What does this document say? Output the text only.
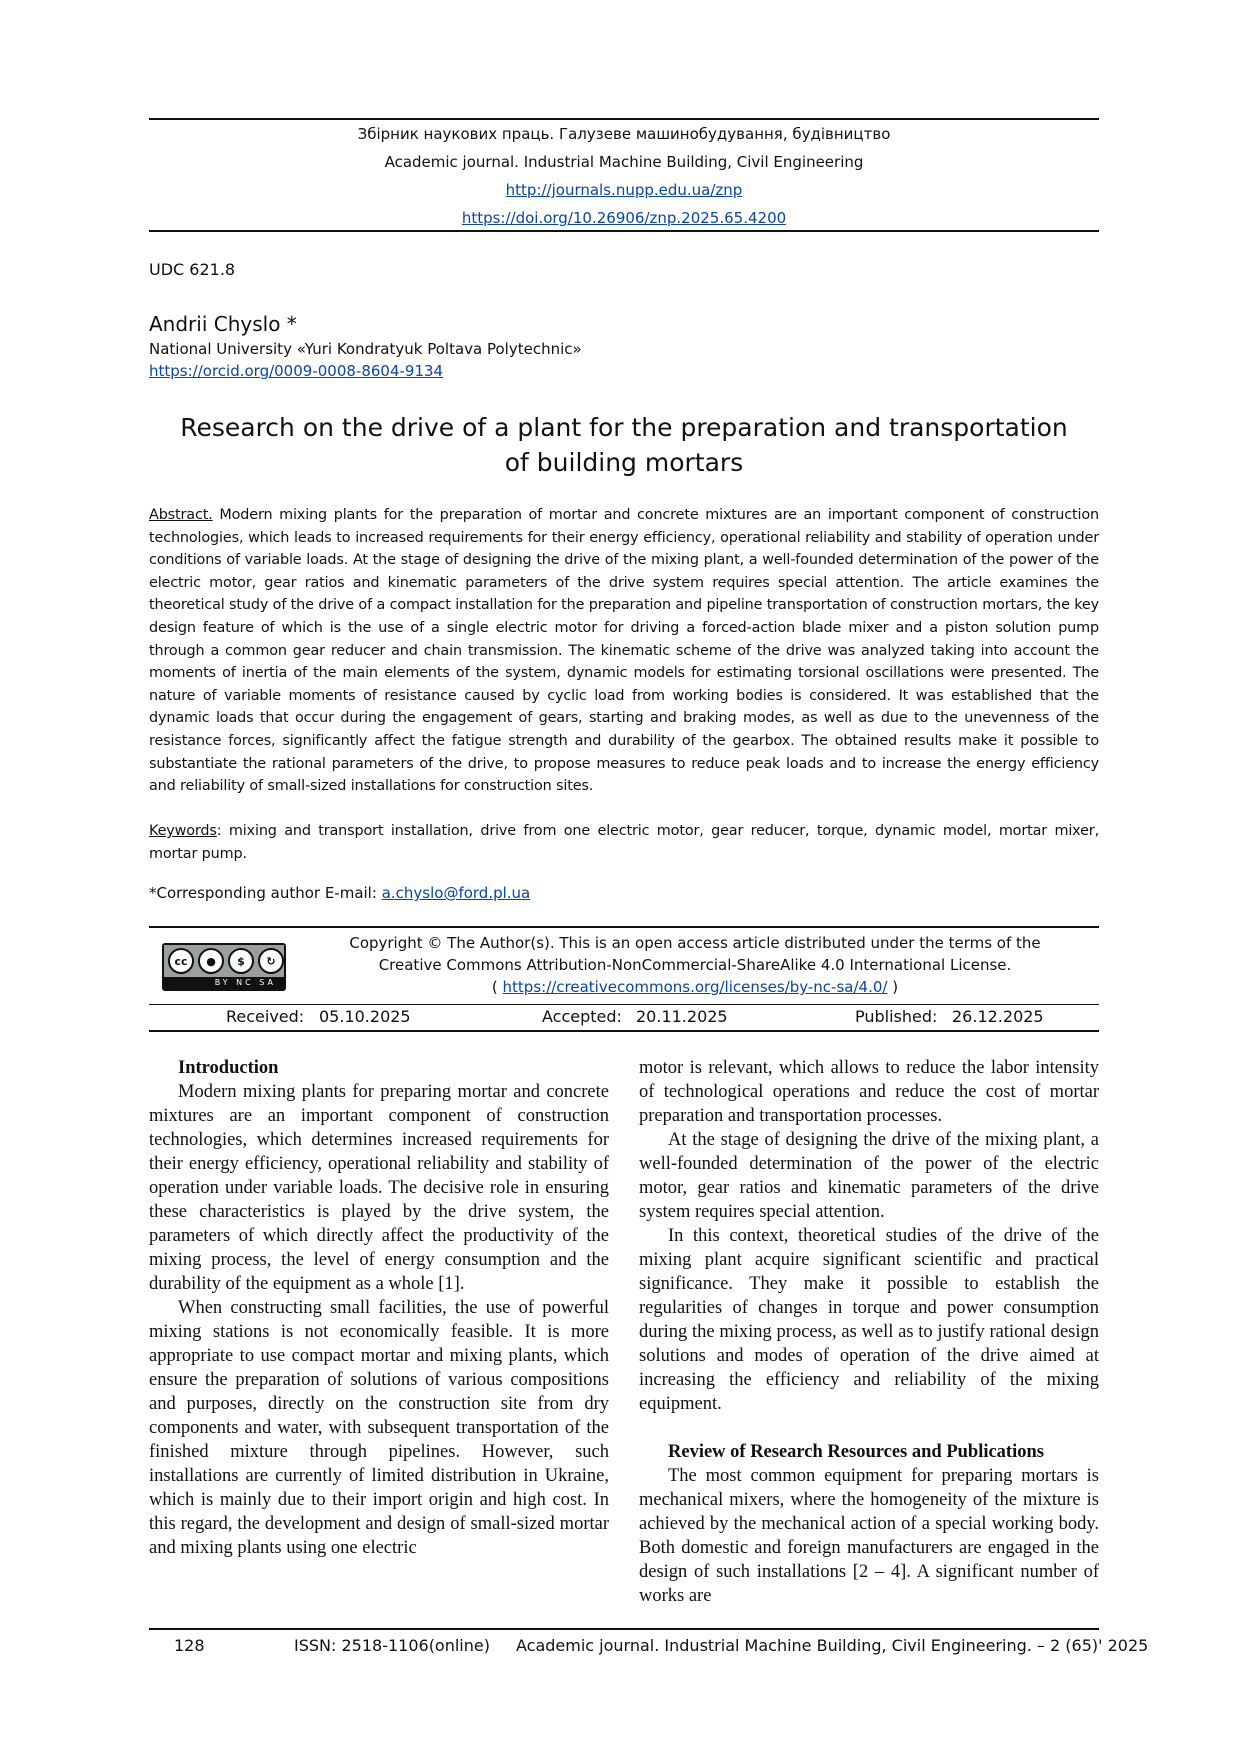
Збірник наукових праць. Галузеве машинобудування, будівництво
Academic journal. Industrial Machine Building, Civil Engineering
http://journals.nupp.edu.ua/znp
https://doi.org/10.26906/znp.2025.65.4200
UDC 621.8
Andrii Chyslo *
National University «Yuri Kondratyuk Poltava Polytechnic»
https://orcid.org/0009-0008-8604-9134
Research on the drive of a plant for the preparation and transportation
of building mortars
Abstract. Modern mixing plants for the preparation of mortar and concrete mixtures are an important component of construction technologies, which leads to increased requirements for their energy efficiency, operational reliability and stability of operation under conditions of variable loads. At the stage of designing the drive of the mixing plant, a well-founded determination of the power of the electric motor, gear ratios and kinematic parameters of the drive system requires special attention. The article examines the theoretical study of the drive of a compact installation for the preparation and pipeline transportation of construction mortars, the key design feature of which is the use of a single electric motor for driving a forced-action blade mixer and a piston solution pump through a common gear reducer and chain transmission. The kinematic scheme of the drive was analyzed taking into account the moments of inertia of the main elements of the system, dynamic models for estimating torsional oscillations were presented. The nature of variable moments of resistance caused by cyclic load from working bodies is considered. It was established that the dynamic loads that occur during the engagement of gears, starting and braking modes, as well as due to the unevenness of the resistance forces, significantly affect the fatigue strength and durability of the gearbox. The obtained results make it possible to substantiate the rational parameters of the drive, to propose measures to reduce peak loads and to increase the energy efficiency and reliability of small-sized installations for construction sites.
Keywords: mixing and transport installation, drive from one electric motor, gear reducer, torque, dynamic model, mortar mixer, mortar pump.
*Corresponding author E-mail: a.chyslo@ford.pl.ua
cc	●	$	↻
BY NC SA
Copyright © The Author(s). This is an open access article distributed under the terms of the
Creative Commons Attribution-NonCommercial-ShareAlike 4.0 International License.
( https://creativecommons.org/licenses/by-nc-sa/4.0/ )
Received: 05.10.2025	Accepted: 20.11.2025	Published: 26.12.2025
Introduction

Modern mixing plants for preparing mortar and concrete mixtures are an important component of construction technologies, which determines increased requirements for their energy efficiency, operational reliability and stability of operation under variable loads. The decisive role in ensuring these characteristics is played by the drive system, the parameters of which directly affect the productivity of the mixing process, the level of energy consumption and the durability of the equipment as a whole [1].

When constructing small facilities, the use of powerful mixing stations is not economically feasible. It is more appropriate to use compact mortar and mixing plants, which ensure the preparation of solutions of various compositions and purposes, directly on the construction site from dry components and water, with subsequent transportation of the finished mixture through pipelines. However, such installations are currently of limited distribution in Ukraine, which is mainly due to their import origin and high cost. In this regard, the development and design of small-sized mortar and mixing plants using one electric

motor is relevant, which allows to reduce the labor intensity of technological operations and reduce the cost of mortar preparation and transportation processes.

At the stage of designing the drive of the mixing plant, a well-founded determination of the power of the electric motor, gear ratios and kinematic parameters of the drive system requires special attention.

In this context, theoretical studies of the drive of the mixing plant acquire significant scientific and practical significance. They make it possible to establish the regularities of changes in torque and power consumption during the mixing process, as well as to justify rational design solutions and modes of operation of the drive aimed at increasing the efficiency and reliability of the mixing equipment.

Review of Research Resources and Publications

The most common equipment for preparing mortars is mechanical mixers, where the homogeneity of the mixture is achieved by the mechanical action of a special working body. Both domestic and foreign manufacturers are engaged in the design of such installations [2 – 4]. A significant number of works are

128	ISSN: 2518-1106(online) Academic journal. Industrial Machine Building, Civil Engineering. – 2 (65)' 2025
